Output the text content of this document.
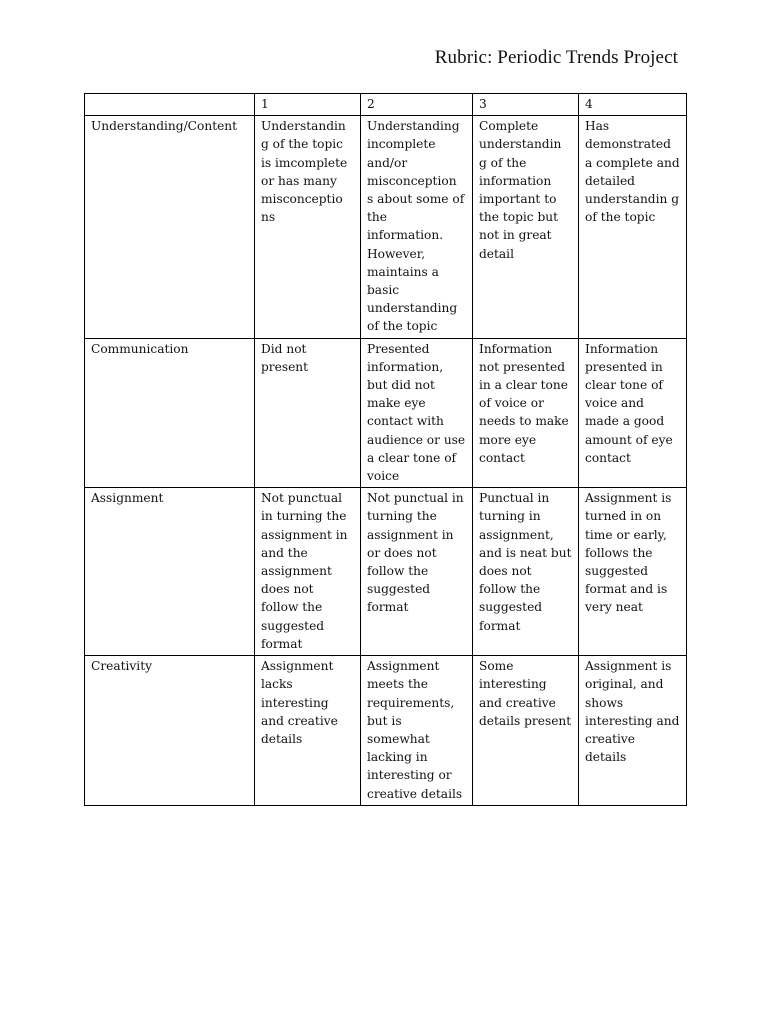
Rubric: Periodic Trends Project
	1	2	3	4
Understanding/Content	Understandin g of the topic is imcomplete or has many misconceptio ns	Understanding incomplete and/or misconception s about some of the information. However, maintains a basic understanding of the topic	Complete understandin g of the information important to the topic but not in great detail	Has demonstrated a complete and detailed understandin g of the topic
Communication	Did not present	Presented information, but did not make eye contact with audience or use a clear tone of voice	Information not presented in a clear tone of voice or needs to make more eye contact	Information presented in clear tone of voice and made a good amount of eye contact
Assignment	Not punctual in turning the assignment in and the assignment does not follow the suggested format	Not punctual in turning the assignment in or does not follow the suggested format	Punctual in turning in assignment, and is neat but does not follow the suggested format	Assignment is turned in on time or early, follows the suggested format and is very neat
Creativity	Assignment lacks interesting and creative details	Assignment meets the requirements, but is somewhat lacking in interesting or creative details	Some interesting and creative details present	Assignment is original, and shows interesting and creative details
